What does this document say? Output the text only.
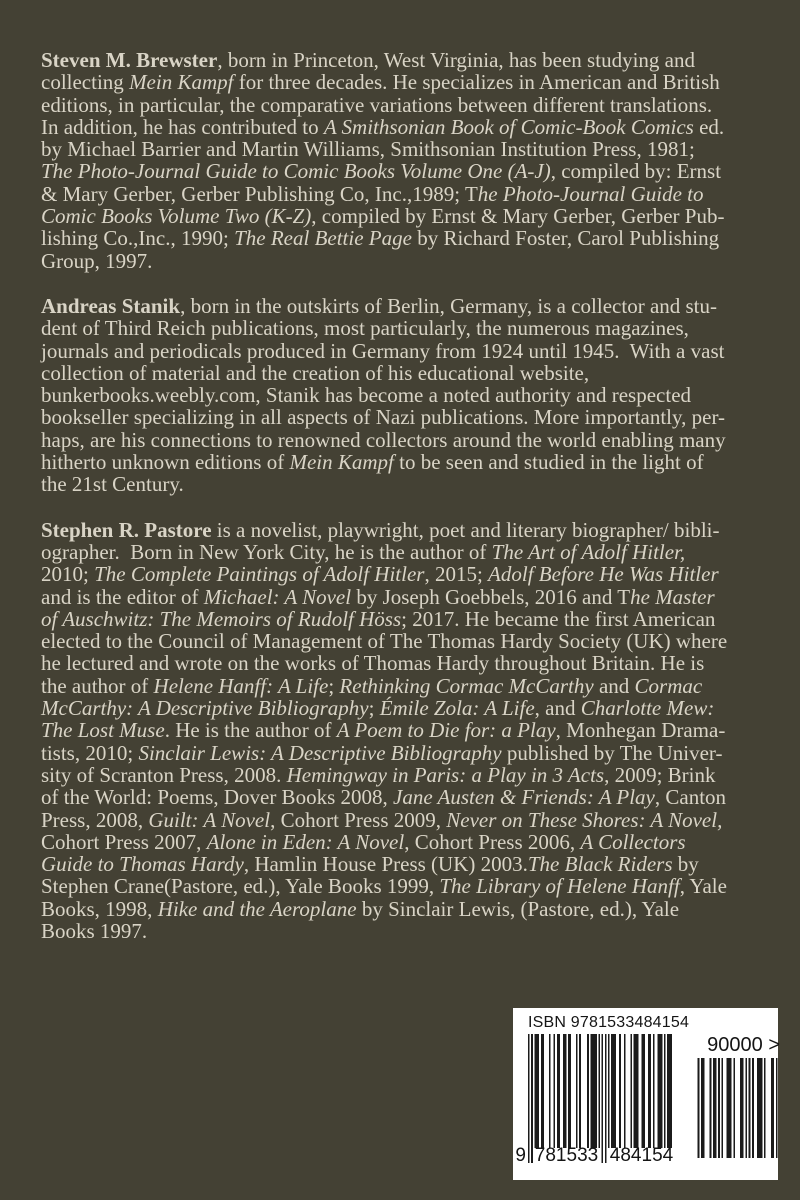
Steven M. Brewster, born in Princeton, West Virginia, has been studying and
collecting Mein Kampf for three decades. He specializes in American and British
editions, in particular, the comparative variations between different translations.
In addition, he has contributed to A Smithsonian Book of Comic-Book Comics ed.
by Michael Barrier and Martin Williams, Smithsonian Institution Press, 1981;
The Photo-Journal Guide to Comic Books Volume One (A-J), compiled by: Ernst
& Mary Gerber, Gerber Publishing Co, Inc.,1989; The Photo-Journal Guide to
Comic Books Volume Two (K-Z), compiled by Ernst & Mary Gerber, Gerber Pub-
lishing Co.,Inc., 1990; The Real Bettie Page by Richard Foster, Carol Publishing
Group, 1997.

Andreas Stanik, born in the outskirts of Berlin, Germany, is a collector and stu-
dent of Third Reich publications, most particularly, the numerous magazines,
journals and periodicals produced in Germany from 1924 until 1945.  With a vast
collection of material and the creation of his educational website,
bunkerbooks.weebly.com, Stanik has become a noted authority and respected
bookseller specializing in all aspects of Nazi publications. More importantly, per-
haps, are his connections to renowned collectors around the world enabling many
hitherto unknown editions of Mein Kampf to be seen and studied in the light of
the 21st Century.

Stephen R. Pastore is a novelist, playwright, poet and literary biographer/ bibli-
ographer.  Born in New York City, he is the author of The Art of Adolf Hitler,
2010; The Complete Paintings of Adolf Hitler, 2015; Adolf Before He Was Hitler
and is the editor of Michael: A Novel by Joseph Goebbels, 2016 and The Master
of Auschwitz: The Memoirs of Rudolf Höss; 2017. He became the first American
elected to the Council of Management of The Thomas Hardy Society (UK) where
he lectured and wrote on the works of Thomas Hardy throughout Britain. He is
the author of Helene Hanff: A Life; Rethinking Cormac McCarthy and Cormac
McCarthy: A Descriptive Bibliography; Émile Zola: A Life, and Charlotte Mew:
The Lost Muse. He is the author of A Poem to Die for: a Play, Monhegan Drama-
tists, 2010; Sinclair Lewis: A Descriptive Bibliography published by The Univer-
sity of Scranton Press, 2008. Hemingway in Paris: a Play in 3 Acts, 2009; Brink
of the World: Poems, Dover Books 2008, Jane Austen & Friends: A Play, Canton
Press, 2008, Guilt: A Novel, Cohort Press 2009, Never on These Shores: A Novel,
Cohort Press 2007, Alone in Eden: A Novel, Cohort Press 2006, A Collectors
Guide to Thomas Hardy, Hamlin House Press (UK) 2003.The Black Riders by
Stephen Crane(Pastore, ed.), Yale Books 1999, The Library of Helene Hanff, Yale
Books, 1998, Hike and the Aeroplane by Sinclair Lewis, (Pastore, ed.), Yale
Books 1997.

ISBN 9781533484154
9 781533 484154
90000 >
